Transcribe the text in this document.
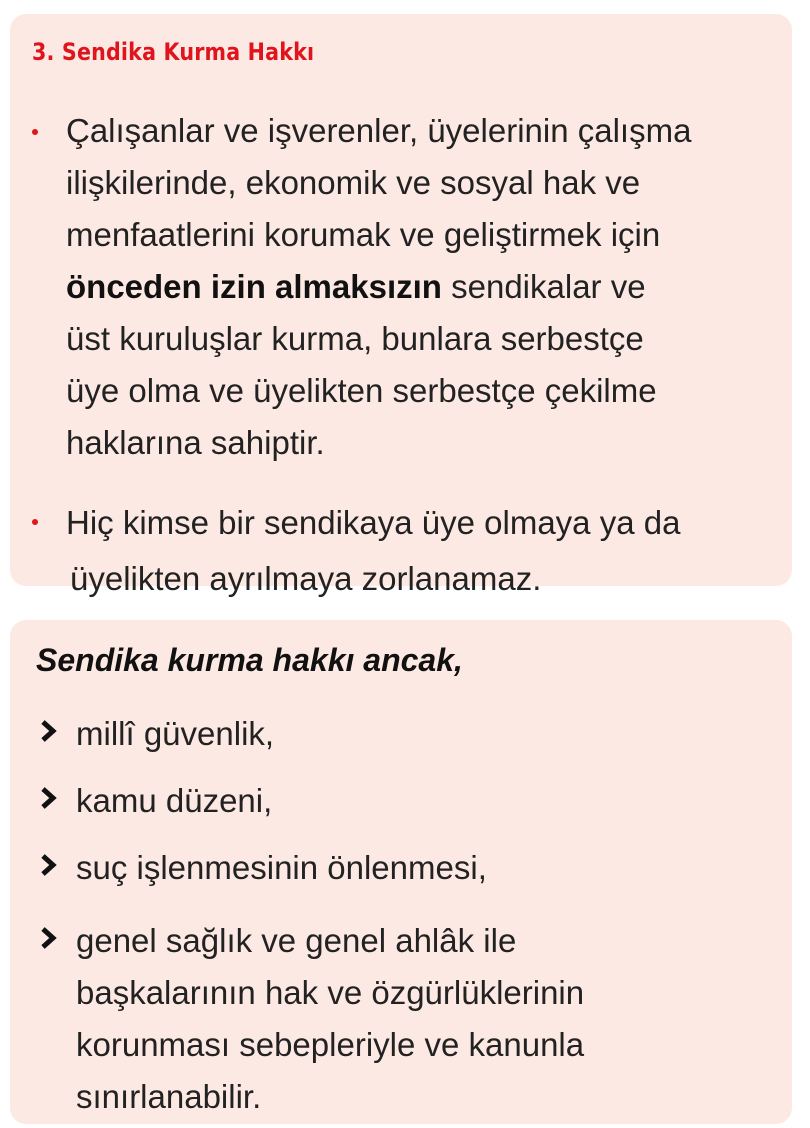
3. Sendika Kurma Hakkı

Çalışanlar ve işverenler, üyelerinin çalışma
ilişkilerinde, ekonomik ve sosyal hak ve
menfaatlerini korumak ve geliştirmek için
önceden izin almaksızın sendikalar ve
üst kuruluşlar kurma, bunlara serbestçe
üye olma ve üyelikten serbestçe çekilme
haklarına sahiptir.

Hiç kimse bir sendikaya üye olmaya ya da
üyelikten ayrılmaya zorlanamaz.

Sendika kurma hakkı ancak,

millî güvenlik,

kamu düzeni,

suç işlenmesinin önlenmesi,

genel sağlık ve genel ahlâk ile
başkalarının hak ve özgürlüklerinin
korunması sebepleriyle ve kanunla
sınırlanabilir.
